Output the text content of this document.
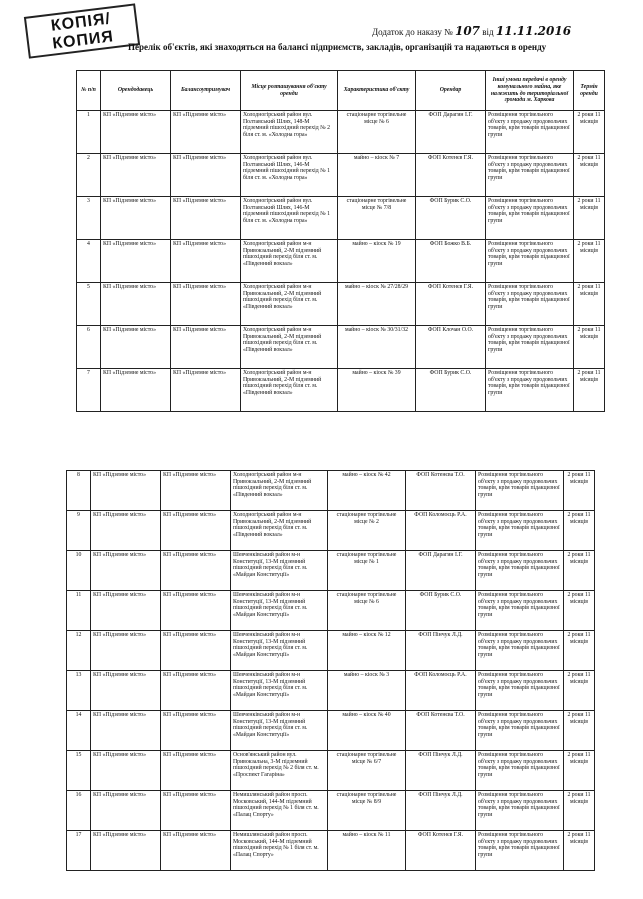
КОПІЯ/
КОПИЯ	Додаток до наказу № 107 від 11.11.2016
Перелік об'єктів, які знаходяться на балансі підприємств, закладів, організацій та надаються в оренду
№ п/п	Орендодавець	Балансоутримувач	Місце розташування об'єкту оренди	Характеристика об'єкту	Орендар	Інші умови передачі в оренду комунального майна, яке належить до територіальної громади м. Харкова	Термін оренди
1	КП «Підземне місто»	КП «Підземне місто»	Холодногірський район вул. Полтавський Шлях, 148-М підземний пішохідний перехід № 2 біля ст. м. «Холодна гора»	стаціонарне торгівельне місце № 6	ФОП Дарагин І.Г.	Розміщення торгівельного об'єкту з продажу продовольчих товарів, крім товарів підакцизної групи	2 роки 11 місяців
2	КП «Підземне місто»	КП «Підземне місто»	Холодногірський район вул. Полтавський Шлях, 146-М підземний пішохідний перехід № 1 біля ст. м. «Холодна гора»	майно – кіоск № 7	ФОП Котенєв Г.Я.	Розміщення торгівельного об'єкту з продажу продовольчих товарів, крім товарів підакцизної групи	2 роки 11 місяців
3	КП «Підземне місто»	КП «Підземне місто»	Холодногірський район вул. Полтавський Шлях, 146-М підземний пішохідний перехід № 1 біля ст. м. «Холодна гора»	стаціонарне торгівельне місце № 7/8	ФОП Бурик С.О.	Розміщення торгівельного об'єкту з продажу продовольчих товарів, крім товарів підакцизної групи	2 роки 11 місяців
4	КП «Підземне місто»	КП «Підземне місто»	Холодногірський район м-н Привокзальний, 2-М підземний пішохідний перехід біля ст. м. «Південний вокзал»	майно – кіоск № 19	ФОП Божко В.Б.	Розміщення торгівельного об'єкту з продажу продовольчих товарів, крім товарів підакцизної групи	2 роки 11 місяців
5	КП «Підземне місто»	КП «Підземне місто»	Холодногірський район м-н Привокзальний, 2-М підземний пішохідний перехід біля ст. м. «Південний вокзал»	майно – кіоск № 27/28/29	ФОП Котенєв Г.Я.	Розміщення торгівельного об'єкту з продажу продовольчих товарів, крім товарів підакцизної групи	2 роки 11 місяців
6	КП «Підземне місто»	КП «Підземне місто»	Холодногірський район м-н Привокзальний, 2-М підземний пішохідний перехід біля ст. м. «Південний вокзал»	майно – кіоск № 30/31/32	ФОП Клочан О.О.	Розміщення торгівельного об'єкту з продажу продовольчих товарів, крім товарів підакцизної групи	2 роки 11 місяців
7	КП «Підземне місто»	КП «Підземне місто»	Холодногірський район м-н Привокзальний, 2-М підземний пішохідний перехід біля ст. м. «Південний вокзал»	майно – кіоск № 39	ФОП Бурик С.О.	Розміщення торгівельного об'єкту з продажу продовольчих товарів, крім товарів підакцизної групи	2 роки 11 місяців
8	КП «Підземне місто»	КП «Підземне місто»	Холодногірський район м-н Привокзальний, 2-М підземний пішохідний перехід біля ст. м. «Південний вокзал»	майно – кіоск № 42	ФОП Котенєва Т.О.	Розміщення торгівельного об'єкту з продажу продовольчих товарів, крім товарів підакцизної групи	2 роки 11 місяців
9	КП «Підземне місто»	КП «Підземне місто»	Холодногірський район м-н Привокзальний, 2-М підземний пішохідний перехід біля ст. м. «Південний вокзал»	стаціонарне торгівельне місце № 2	ФОП Коломоєць Р.А.	Розміщення торгівельного об'єкту з продажу продовольчих товарів, крім товарів підакцизної групи	2 роки 11 місяців
10	КП «Підземне місто»	КП «Підземне місто»	Шевченківський район м-н Конституції, 13-М підземний пішохідний перехід біля ст. м. «Майдан Конституції»	стаціонарне торгівельне місце № 1	ФОП Дарагин І.Г.	Розміщення торгівельного об'єкту з продажу продовольчих товарів, крім товарів підакцизної групи	2 роки 11 місяців
11	КП «Підземне місто»	КП «Підземне місто»	Шевченківський район м-н Конституції, 13-М підземний пішохідний перехід біля ст. м. «Майдан Конституції»	стаціонарне торгівельне місце № 6	ФОП Бурик С.О.	Розміщення торгівельного об'єкту з продажу продовольчих товарів, крім товарів підакцизної групи	2 роки 11 місяців
12	КП «Підземне місто»	КП «Підземне місто»	Шевченківський район м-н Конституції, 13-М підземний пішохідний перехід біля ст. м. «Майдан Конституції»	майно – кіоск № 12	ФОП Пінчук Л.Д.	Розміщення торгівельного об'єкту з продажу продовольчих товарів, крім товарів підакцизної групи	2 роки 11 місяців
13	КП «Підземне місто»	КП «Підземне місто»	Шевченківський район м-н Конституції, 13-М підземний пішохідний перехід біля ст. м. «Майдан Конституції»	майно – кіоск № 3	ФОП Коломоєць Р.А.	Розміщення торгівельного об'єкту з продажу продовольчих товарів, крім товарів підакцизної групи	2 роки 11 місяців
14	КП «Підземне місто»	КП «Підземне місто»	Шевченківський район м-н Конституції, 13-М підземний пішохідний перехід біля ст. м. «Майдан Конституції»	майно – кіоск № 40	ФОП Котенєва Т.О.	Розміщення торгівельного об'єкту з продажу продовольчих товарів, крім товарів підакцизної групи	2 роки 11 місяців
15	КП «Підземне місто»	КП «Підземне місто»	Основ'янський район вул. Привокзальна, 3-М підземний пішохідний перехід № 2 біля ст. м. «Проспект Гагаріна»	стаціонарне торгівельне місце № 6/7	ФОП Пінчук Л.Д.	Розміщення торгівельного об'єкту з продажу продовольчих товарів, крім товарів підакцизної групи	2 роки 11 місяців
16	КП «Підземне місто»	КП «Підземне місто»	Немишлянський район просп. Московський, 144-М підземний пішохідний перехід № 1 біля ст. м. «Палац Спорту»	стаціонарне торгівельне місце № 8/9	ФОП Пінчук Л.Д.	Розміщення торгівельного об'єкту з продажу продовольчих товарів, крім товарів підакцизної групи	2 роки 11 місяців
17	КП «Підземне місто»	КП «Підземне місто»	Немишлянський район просп. Московський, 144-М підземний пішохідний перехід № 1 біля ст. м. «Палац Спорту»	майно – кіоск № 11	ФОП Котенєв Г.Я.	Розміщення торгівельного об'єкту з продажу продовольчих товарів, крім товарів підакцизної групи	2 роки 11 місяців
